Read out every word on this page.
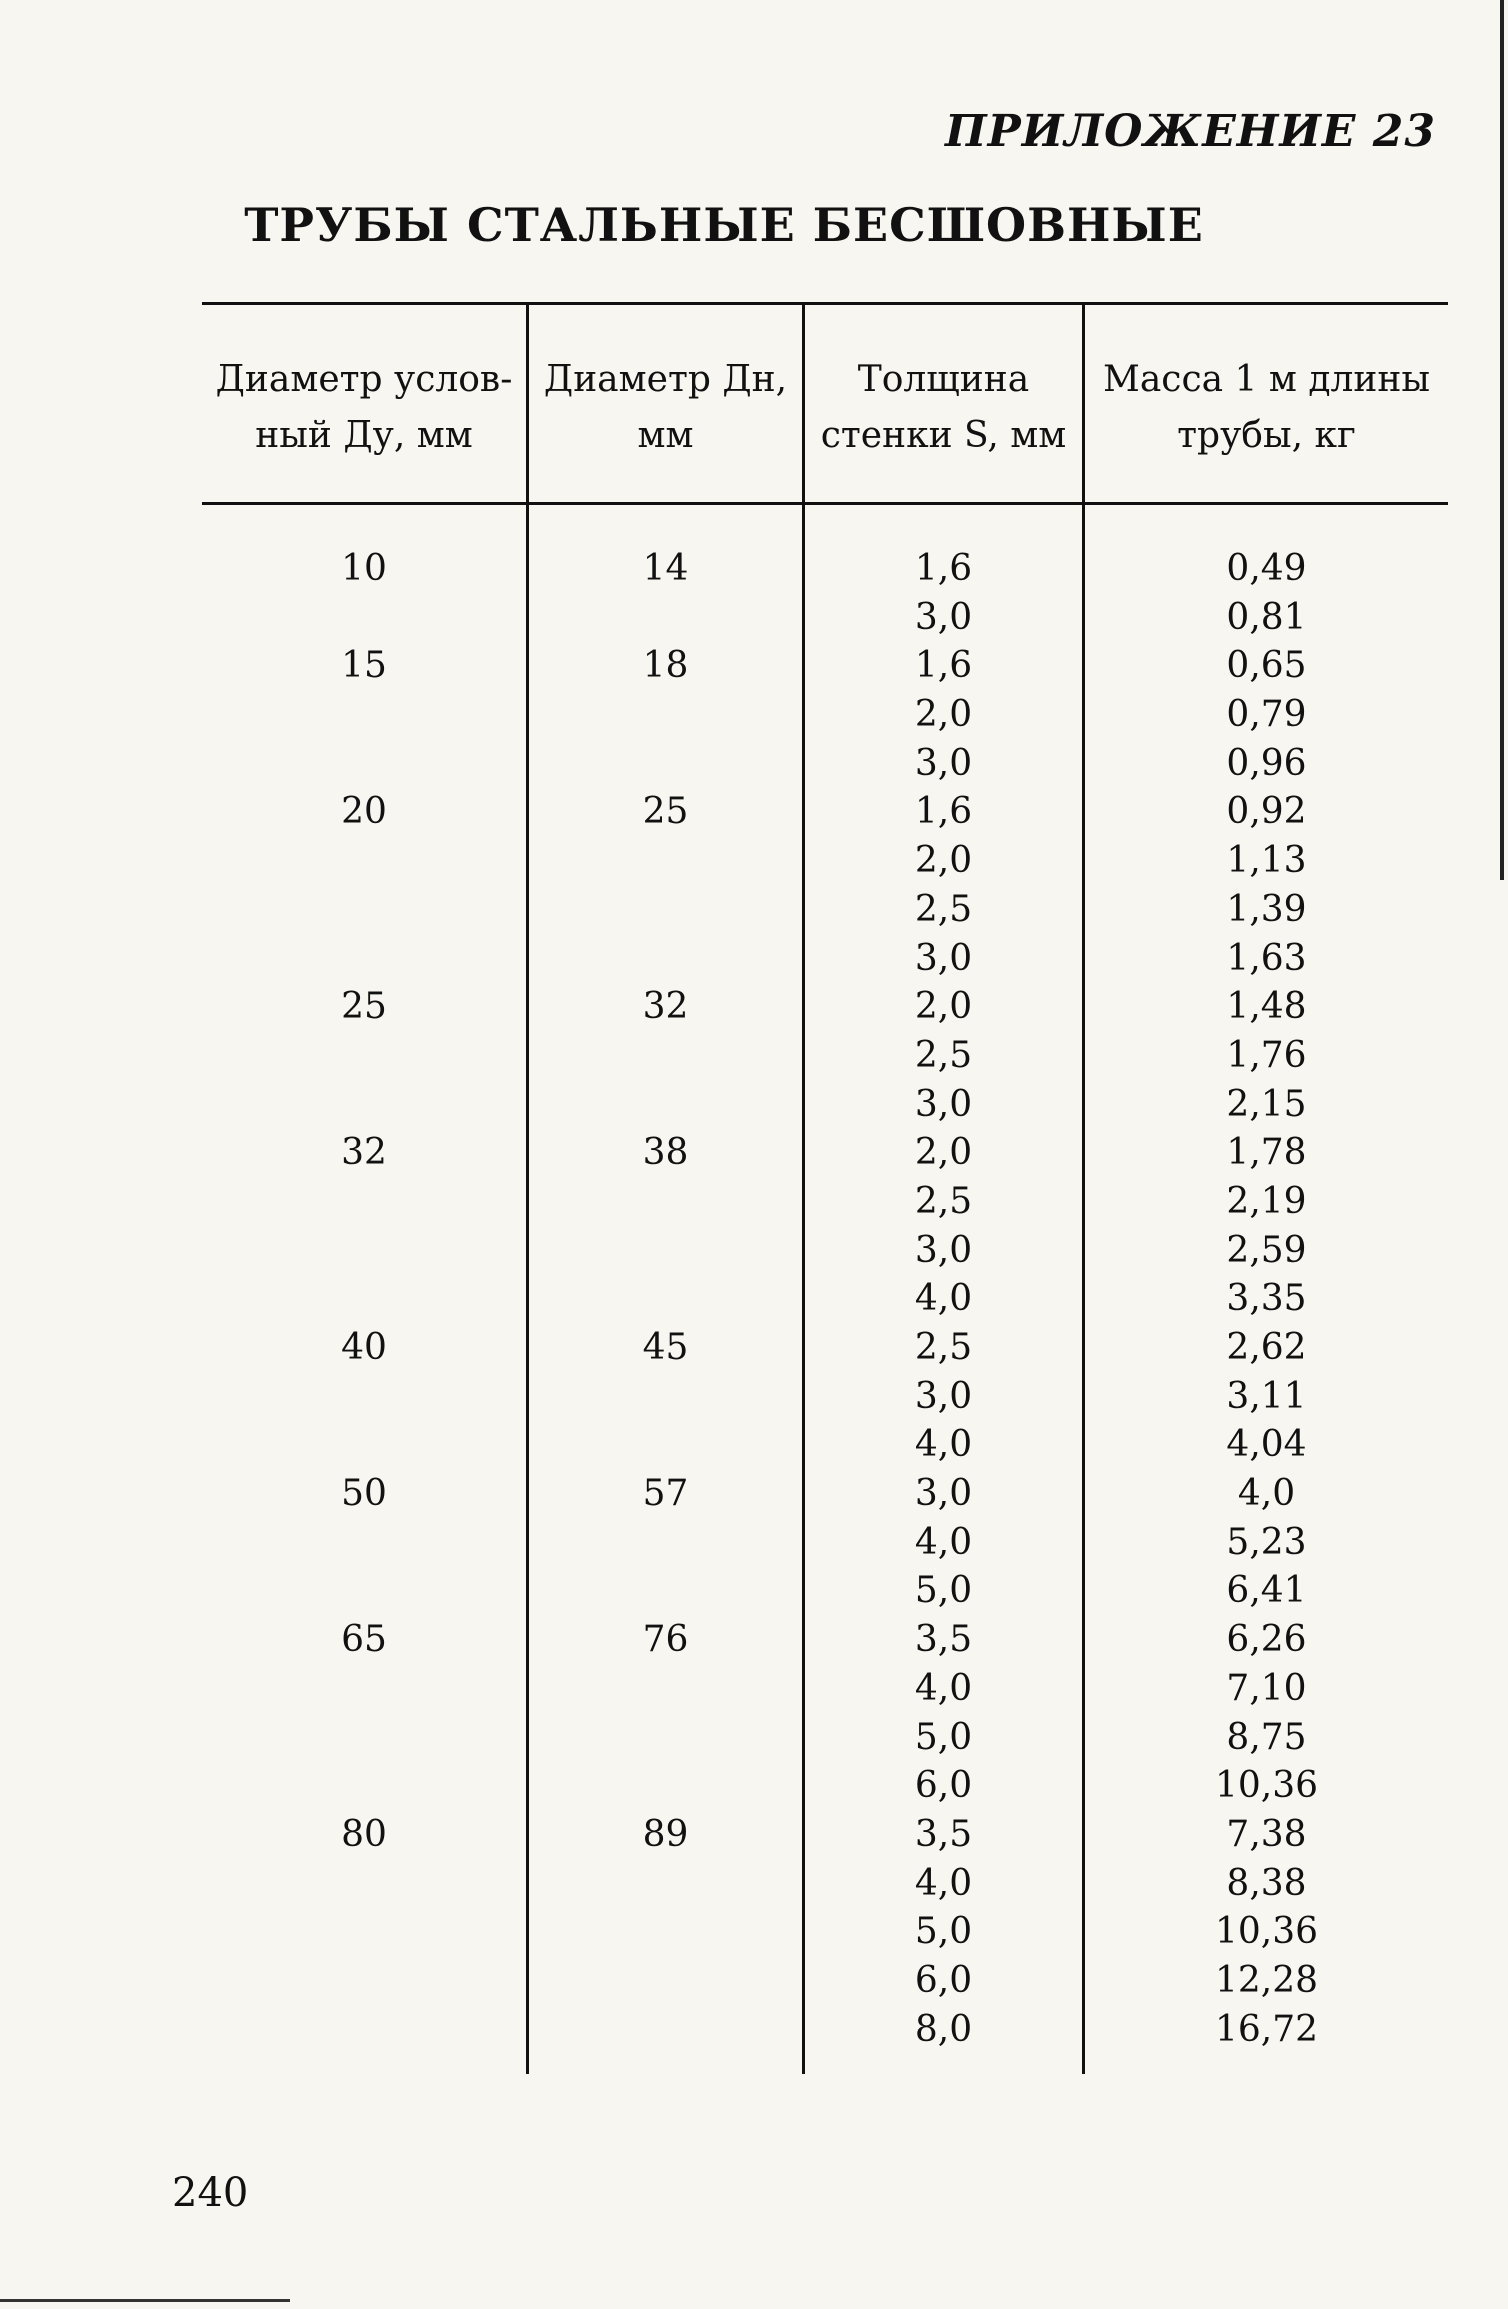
ПРИЛОЖЕНИЕ 23
ТРУБЫ СТАЛЬНЫЕ БЕСШОВНЫЕ
Диаметр услов-
ный Ду, мм
Диаметр Дн,
мм
Толщина
стенки S, мм
Масса 1 м длины
трубы, кг
10
15
20
25
32
40
50
65
80
14
18
25
32
38
45
57
76
89
1,6
3,0
1,6
2,0
3,0
1,6
2,0
2,5
3,0
2,0
2,5
3,0
2,0
2,5
3,0
4,0
2,5
3,0
4,0
3,0
4,0
5,0
3,5
4,0
5,0
6,0
3,5
4,0
5,0
6,0
8,0
0,49
0,81
0,65
0,79
0,96
0,92
1,13
1,39
1,63
1,48
1,76
2,15
1,78
2,19
2,59
3,35
2,62
3,11
4,04
4,0
5,23
6,41
6,26
7,10
8,75
10,36
7,38
8,38
10,36
12,28
16,72
240
